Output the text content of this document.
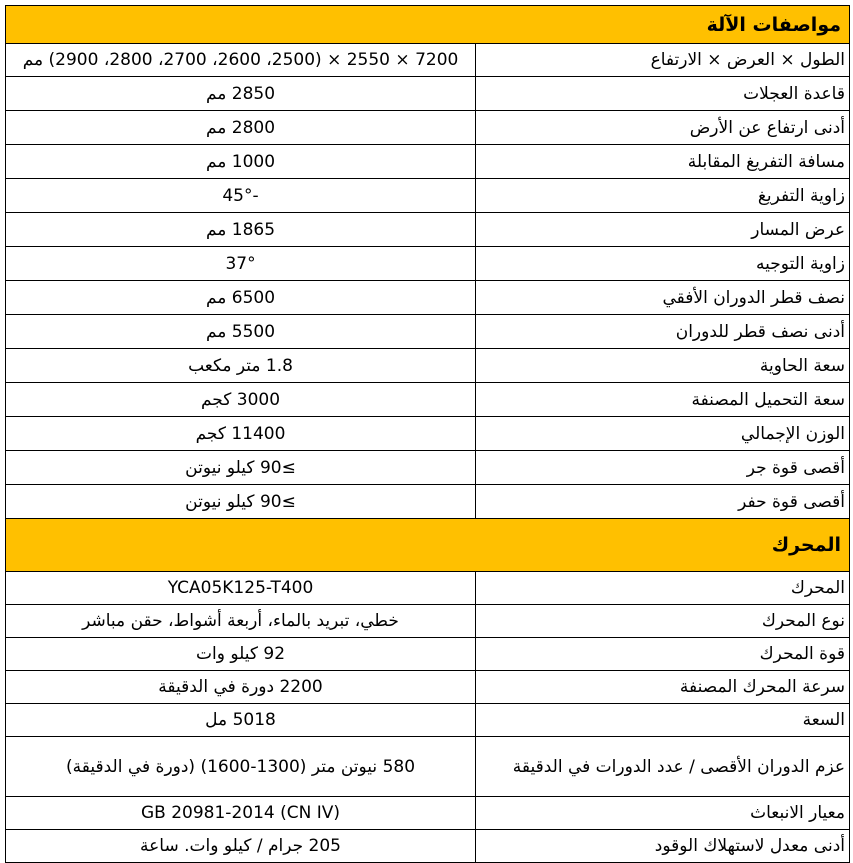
مواصفات الآلة
الطول × العرض × الارتفاع
7200 × 2550 × (2500، 2600، 2700، 2800، 2900) مم
قاعدة العجلات
2850 مم
أدنى ارتفاع عن الأرض
2800 مم
مسافة التفريغ المقابلة
1000 مم
زاوية التفريغ
-45°
عرض المسار
1865 مم
زاوية التوجيه
37°
نصف قطر الدوران الأفقي
6500 مم
أدنى نصف قطر للدوران
5500 مم
سعة الحاوية
1.8 متر مكعب
سعة التحميل المصنفة
3000 كجم
الوزن الإجمالي
11400 كجم
أقصى قوة جر
≥90 كيلو نيوتن
أقصى قوة حفر
≥90 كيلو نيوتن
المحرك
المحرك
YCA05K125-T400
نوع المحرك
خطي، تبريد بالماء، أربعة أشواط، حقن مباشر
قوة المحرك
92 كيلو وات
سرعة المحرك المصنفة
2200 دورة في الدقيقة
السعة
5018 مل
عزم الدوران الأقصى / عدد الدورات في الدقيقة
580 نيوتن متر (1300-1600) (دورة في الدقيقة)
معيار الانبعاث
GB 20981-2014 (CN IV)
أدنى معدل لاستهلاك الوقود
205 جرام / كيلو وات. ساعة
